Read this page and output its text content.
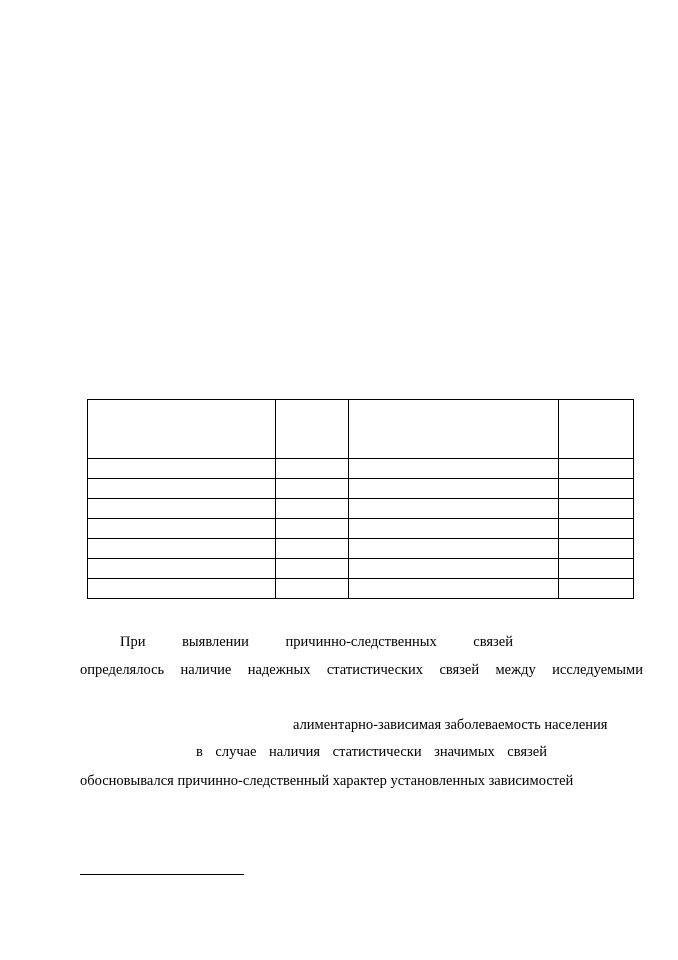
При	выявлении	причинно-следственных	связей
определялось наличие надежных статистических связей между исследуемыми
алиментарно-зависимая заболеваемость населения
в случае наличия статистически значимых связей
обосновывался причинно-следственный характер установленных зависимостей
